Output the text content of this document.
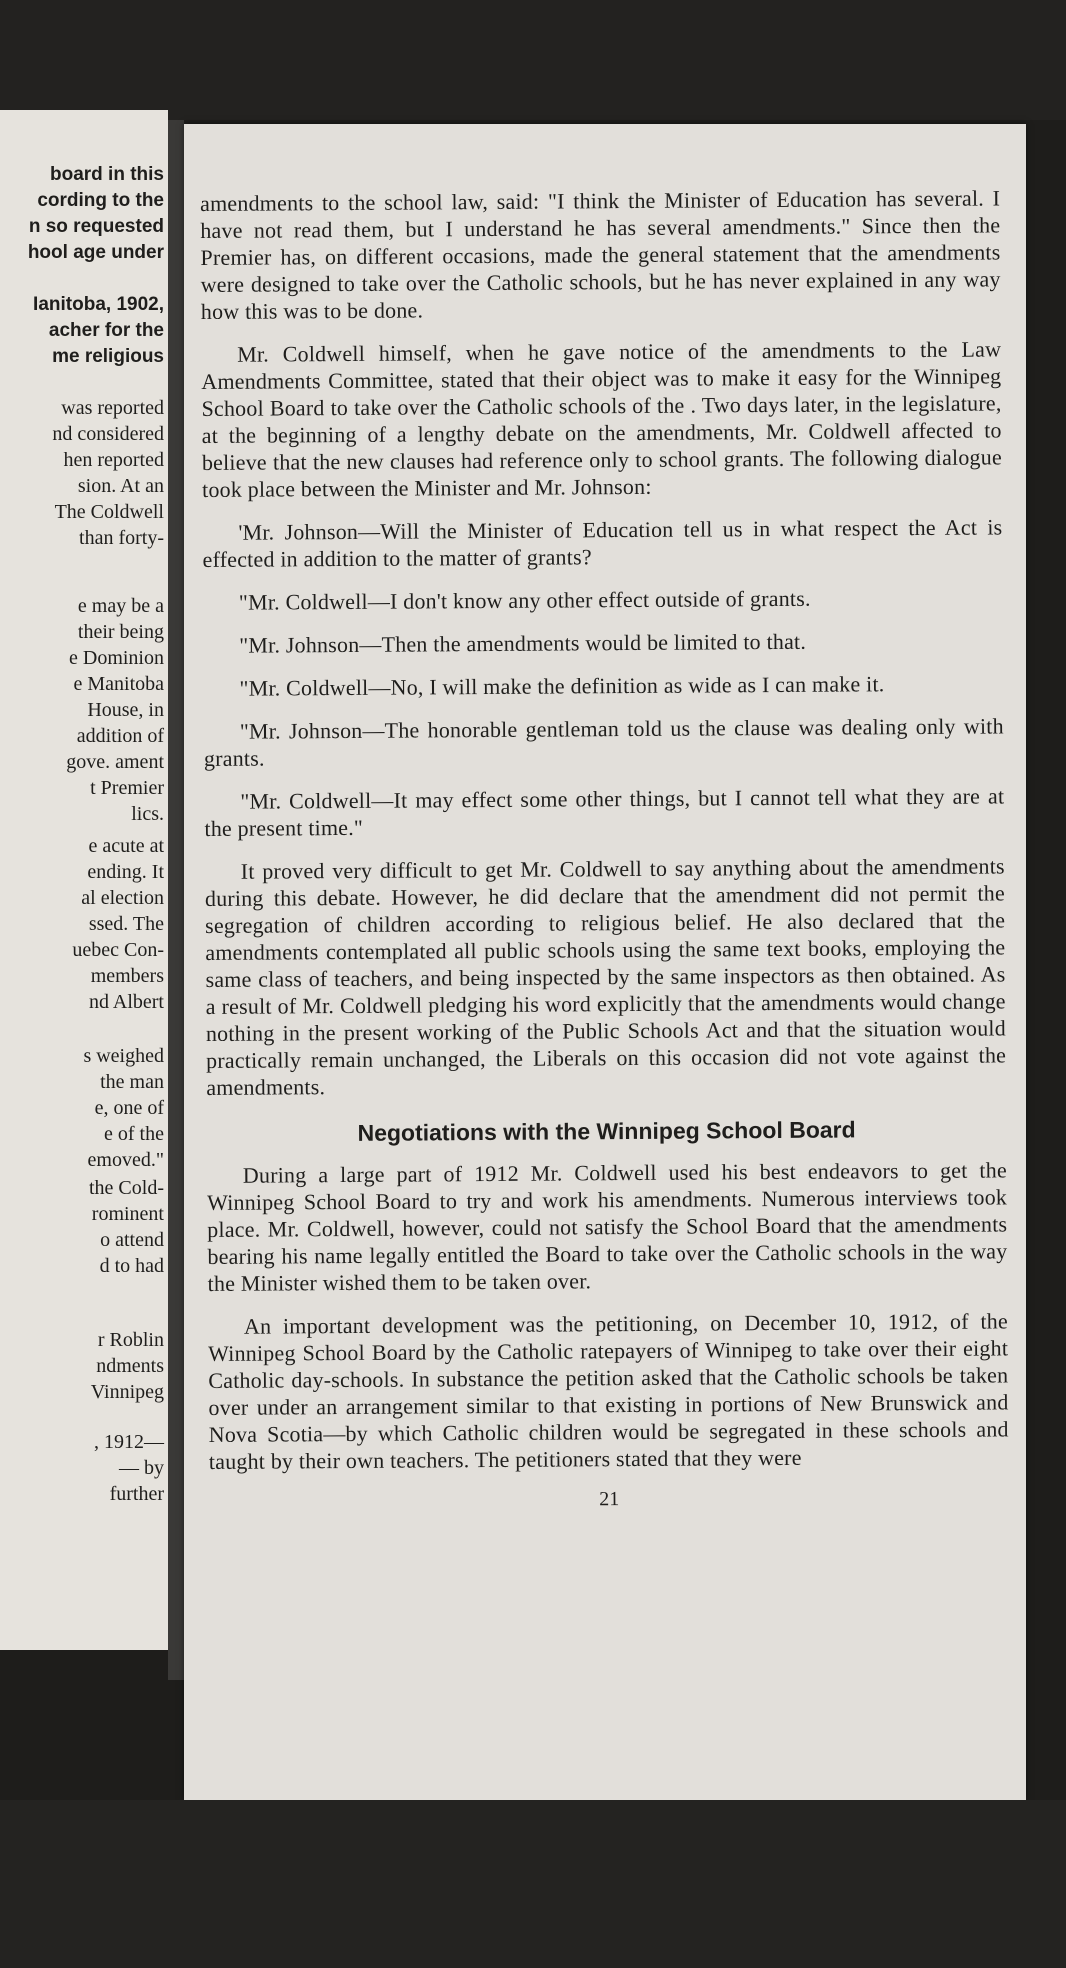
board in this
cording to the
n so requested
hool age under
Ianitoba, 1902,
acher for the
me religious
was reported
nd considered
hen reported
sion. At an
The Coldwell
than forty-
e may be a
their being
e Dominion
e Manitoba
House, in
addition of
gove. ament
t Premier
lics.
e acute at
ending. It
al election
ssed. The
uebec Con-
members
nd Albert
s weighed
the man
e, one of
e of the
emoved."
the Cold-
rominent
o attend
d to had
r Roblin
ndments
Vinnipeg
, 1912—
— by
further

amendments to the school law, said: "I think the Minister of Education has several. I have not read them, but I understand he has several amendments." Since then the Premier has, on different occasions, made the general statement that the amendments were designed to take over the Catholic schools, but he has never explained in any way how this was to be done.

Mr. Coldwell himself, when he gave notice of the amendments to the Law Amendments Committee, stated that their object was to make it easy for the Winnipeg School Board to take over the Catholic schools of the . Two days later, in the legislature, at the beginning of a lengthy debate on the amendments, Mr. Coldwell affected to believe that the new clauses had reference only to school grants. The following dialogue took place between the Minister and Mr. Johnson:

'Mr. Johnson—Will the Minister of Education tell us in what respect the Act is effected in addition to the matter of grants?

"Mr. Coldwell—I don't know any other effect outside of grants.

"Mr. Johnson—Then the amendments would be limited to that.

"Mr. Coldwell—No, I will make the definition as wide as I can make it.

"Mr. Johnson—The honorable gentleman told us the clause was dealing only with grants.

"Mr. Coldwell—It may effect some other things, but I cannot tell what they are at the present time."

It proved very difficult to get Mr. Coldwell to say anything about the amendments during this debate. However, he did declare that the amendment did not permit the segregation of children according to religious belief. He also declared that the amendments contemplated all public schools using the same text books, employing the same class of teachers, and being inspected by the same inspectors as then obtained. As a result of Mr. Coldwell pledging his word explicitly that the amendments would change nothing in the present working of the Public Schools Act and that the situation would practically remain unchanged, the Liberals on this occasion did not vote against the amendments.

Negotiations with the Winnipeg School Board

During a large part of 1912 Mr. Coldwell used his best endeavors to get the Winnipeg School Board to try and work his amendments. Numerous interviews took place. Mr. Coldwell, however, could not satisfy the School Board that the amendments bearing his name legally entitled the Board to take over the Catholic schools in the way the Minister wished them to be taken over.

An important development was the petitioning, on December 10, 1912, of the Winnipeg School Board by the Catholic ratepayers of Winnipeg to take over their eight Catholic day-schools. In substance the petition asked that the Catholic schools be taken over under an arrangement similar to that existing in portions of New Brunswick and Nova Scotia—by which Catholic children would be segregated in these schools and taught by their own teachers. The petitioners stated that they were

21
